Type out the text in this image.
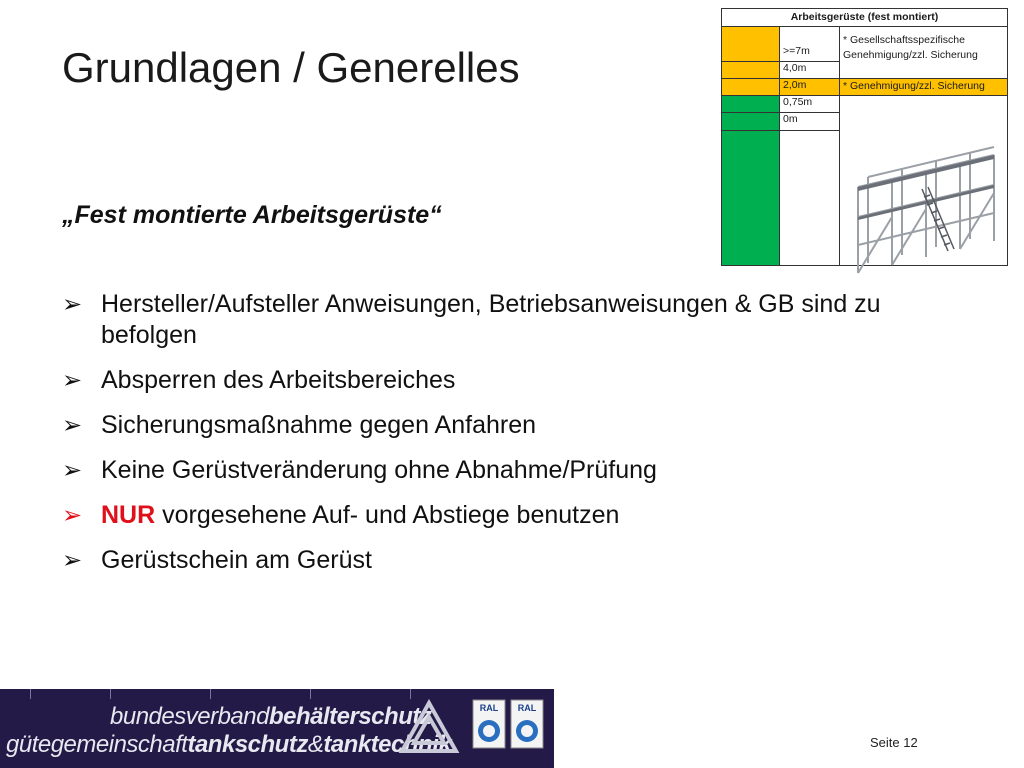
Grundlagen / Generelles
„Fest montierte Arbeitsgerüste“
➢ Hersteller/Aufsteller Anweisungen, Betriebsanweisungen & GB sind zu befolgen
➢ Absperren des Arbeitsbereiches
➢ Sicherungsmaßnahme gegen Anfahren
➢ Keine Gerüstveränderung ohne Abnahme/Prüfung
➢ NUR vorgesehene Auf- und Abstiege benutzen
➢ Gerüstschein am Gerüst
Arbeitsgerüste (fest montiert)
>=7m
4,0m
2,0m
0,75m
0m
* Gesellschaftsspezifische Genehmigung/zzl. Sicherung
* Genehmigung/zzl. Sicherung
bundesverbandbehälterschutz
gütegemeinschafttankschutz&tanktechnik
RAL RAL
Seite 12
